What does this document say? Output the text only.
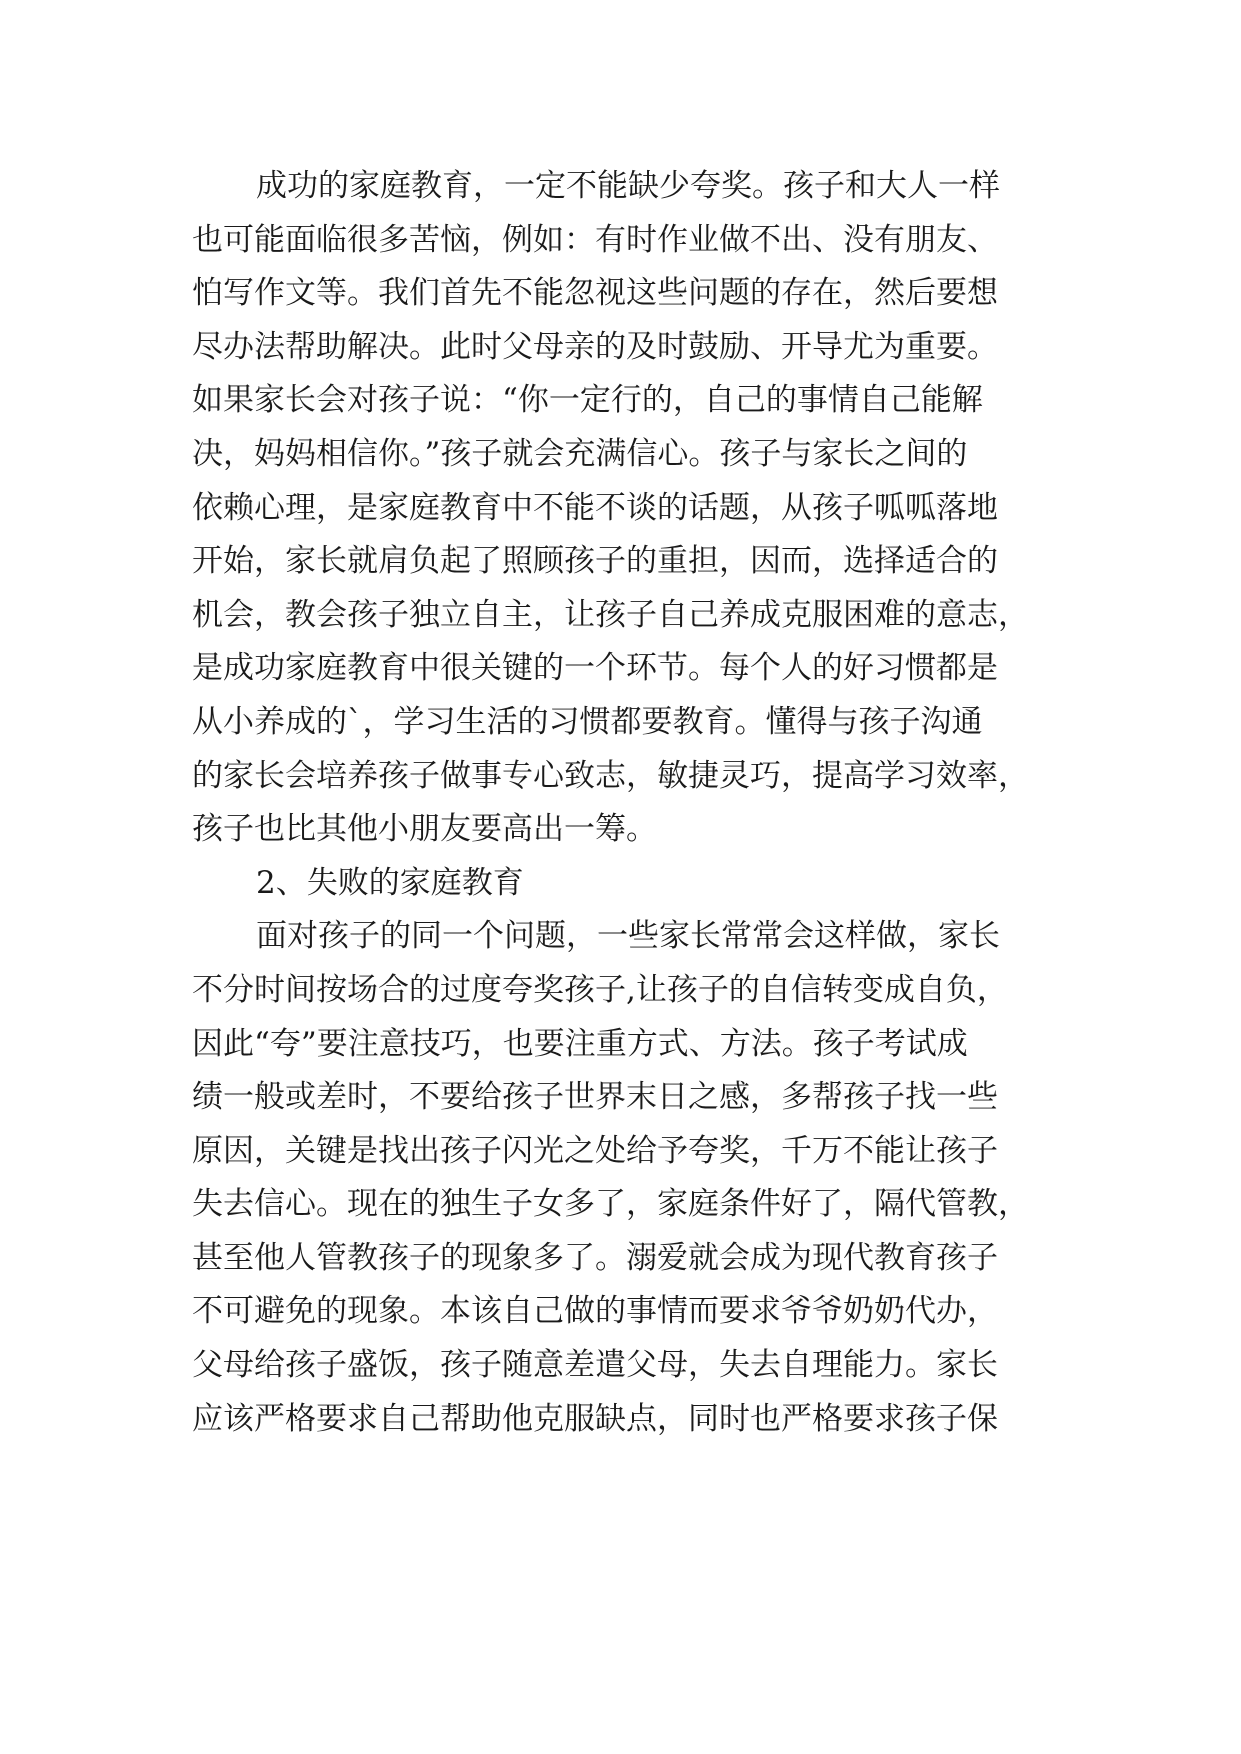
成功的家庭教育，一定不能缺少夸奖。孩子和大人一样
也可能面临很多苦恼，例如：有时作业做不出、没有朋友、
怕写作文等。我们首先不能忽视这些问题的存在，然后要想
尽办法帮助解决。此时父母亲的及时鼓励、开导尤为重要。
如果家长会对孩子说：“你一定行的，自己的事情自己能解
决，妈妈相信你。”孩子就会充满信心。孩子与家长之间的
依赖心理，是家庭教育中不能不谈的话题，从孩子呱呱落地
开始，家长就肩负起了照顾孩子的重担，因而，选择适合的
机会，教会孩子独立自主，让孩子自己养成克服困难的意志，
是成功家庭教育中很关键的一个环节。每个人的好习惯都是
从小养成的`，学习生活的习惯都要教育。懂得与孩子沟通
的家长会培养孩子做事专心致志，敏捷灵巧，提高学习效率，
孩子也比其他小朋友要高出一筹。
2、失败的家庭教育
面对孩子的同一个问题，一些家长常常会这样做，家长
不分时间按场合的过度夸奖孩子,让孩子的自信转变成自负，
因此“夸”要注意技巧，也要注重方式、方法。孩子考试成
绩一般或差时，不要给孩子世界末日之感，多帮孩子找一些
原因，关键是找出孩子闪光之处给予夸奖，千万不能让孩子
失去信心。现在的独生子女多了，家庭条件好了，隔代管教，
甚至他人管教孩子的现象多了。溺爱就会成为现代教育孩子
不可避免的现象。本该自己做的事情而要求爷爷奶奶代办，
父母给孩子盛饭，孩子随意差遣父母，失去自理能力。家长
应该严格要求自己帮助他克服缺点，同时也严格要求孩子保
